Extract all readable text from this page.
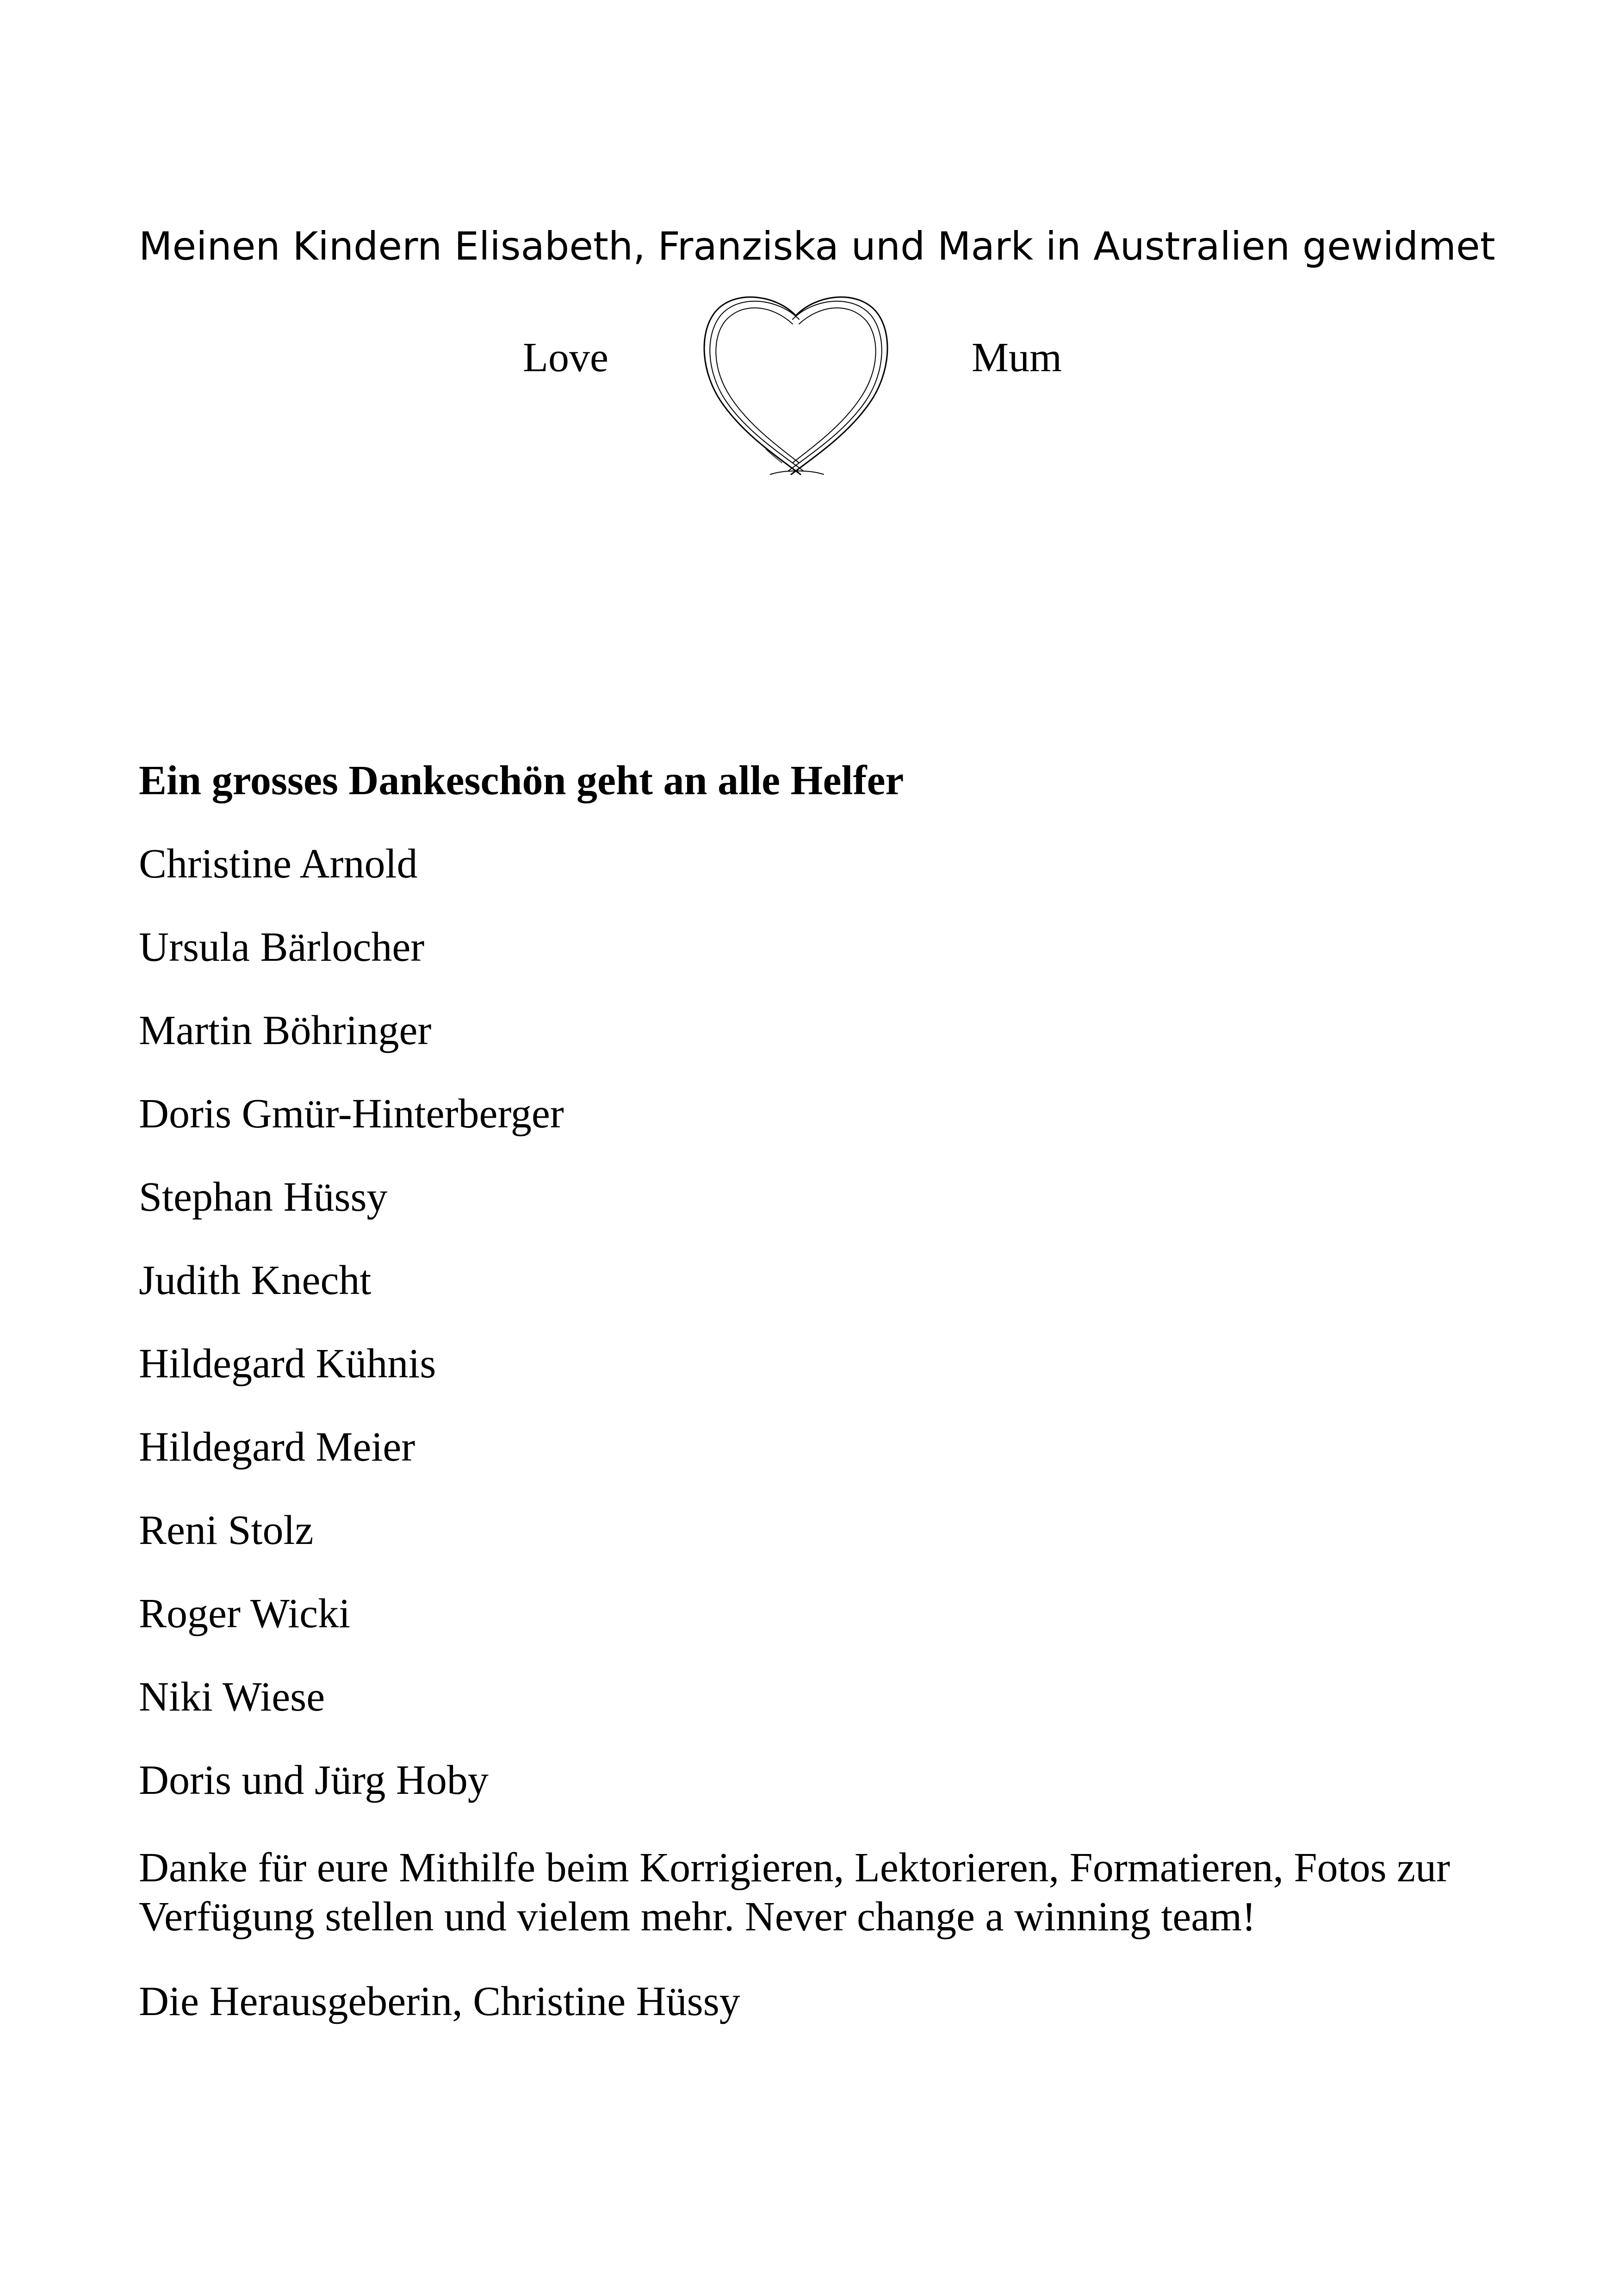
Meinen Kindern Elisabeth, Franziska und Mark in Australien gewidmet
Love	Mum
Ein grosses Dankeschön geht an alle Helfer
Christine Arnold
Ursula Bärlocher
Martin Böhringer
Doris Gmür-Hinterberger
Stephan Hüssy
Judith Knecht
Hildegard Kühnis
Hildegard Meier
Reni Stolz
Roger Wicki
Niki Wiese
Doris und Jürg Hoby

Danke für eure Mithilfe beim Korrigieren, Lektorieren, Formatieren, Fotos zur Verfügung stellen und vielem mehr. Never change a winning team!

Die Herausgeberin, Christine Hüssy
